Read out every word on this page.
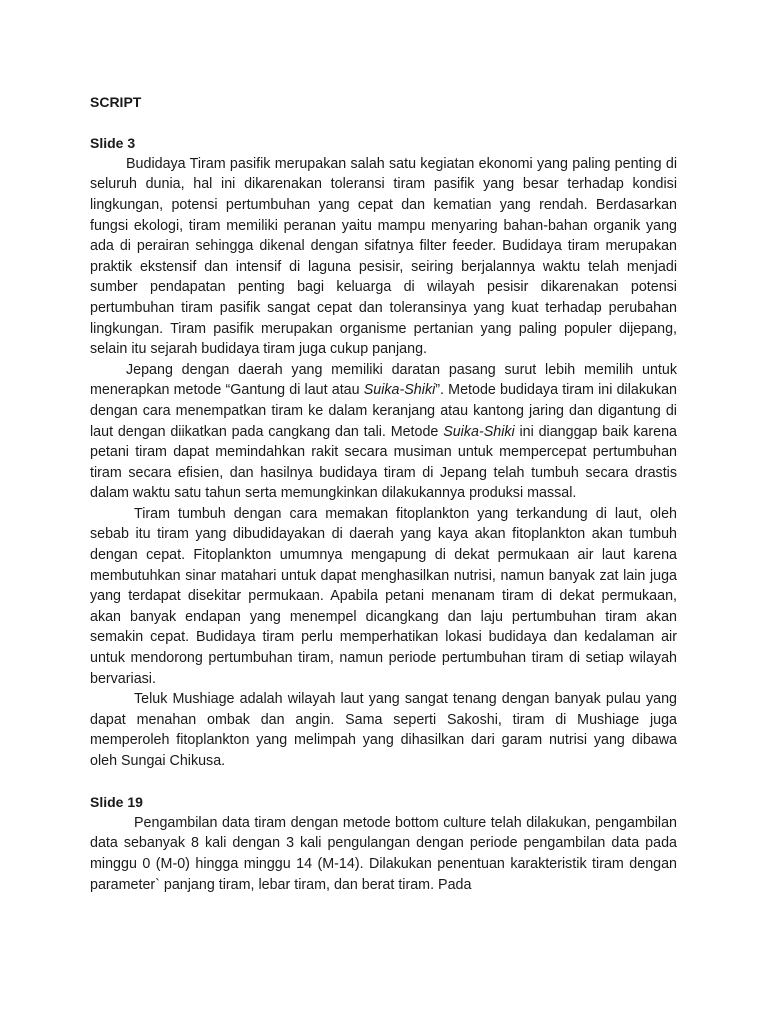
SCRIPT
Slide 3

Budidaya Tiram pasifik merupakan salah satu kegiatan ekonomi yang paling penting di seluruh dunia, hal ini dikarenakan toleransi tiram pasifik yang besar terhadap kondisi lingkungan, potensi pertumbuhan yang cepat dan kematian yang rendah. Berdasarkan fungsi ekologi, tiram memiliki peranan yaitu mampu menyaring bahan-bahan organik yang ada di perairan sehingga dikenal dengan sifatnya filter feeder. Budidaya tiram merupakan praktik ekstensif dan intensif di laguna pesisir, seiring berjalannya waktu telah menjadi sumber pendapatan penting bagi keluarga di wilayah pesisir dikarenakan potensi pertumbuhan tiram pasifik sangat cepat dan toleransinya yang kuat terhadap perubahan lingkungan. Tiram pasifik merupakan organisme pertanian yang paling populer dijepang, selain itu sejarah budidaya tiram juga cukup panjang.

Jepang dengan daerah yang memiliki daratan pasang surut lebih memilih untuk menerapkan metode “Gantung di laut atau Suika-Shiki”. Metode budidaya tiram ini dilakukan dengan cara menempatkan tiram ke dalam keranjang atau kantong jaring dan digantung di laut dengan diikatkan pada cangkang dan tali. Metode Suika-Shiki ini dianggap baik karena petani tiram dapat memindahkan rakit secara musiman untuk mempercepat pertumbuhan tiram secara efisien, dan hasilnya budidaya tiram di Jepang telah tumbuh secara drastis dalam waktu satu tahun serta memungkinkan dilakukannya produksi massal.

Tiram tumbuh dengan cara memakan fitoplankton yang terkandung di laut, oleh sebab itu tiram yang dibudidayakan di daerah yang kaya akan fitoplankton akan tumbuh dengan cepat. Fitoplankton umumnya mengapung di dekat permukaan air laut karena membutuhkan sinar matahari untuk dapat menghasilkan nutrisi, namun banyak zat lain juga yang terdapat disekitar permukaan. Apabila petani menanam tiram di dekat permukaan, akan banyak endapan yang menempel dicangkang dan laju pertumbuhan tiram akan semakin cepat. Budidaya tiram perlu memperhatikan lokasi budidaya dan kedalaman air untuk mendorong pertumbuhan tiram, namun periode pertumbuhan tiram di setiap wilayah bervariasi.

Teluk Mushiage adalah wilayah laut yang sangat tenang dengan banyak pulau yang dapat menahan ombak dan angin. Sama seperti Sakoshi, tiram di Mushiage juga memperoleh fitoplankton yang melimpah yang dihasilkan dari garam nutrisi yang dibawa oleh Sungai Chikusa.

Slide 19

Pengambilan data tiram dengan metode bottom culture telah dilakukan, pengambilan data sebanyak 8 kali dengan 3 kali pengulangan dengan periode pengambilan data pada minggu 0 (M-0) hingga minggu 14 (M-14). Dilakukan penentuan karakteristik tiram dengan parameter` panjang tiram, lebar tiram, dan berat tiram. Pada
